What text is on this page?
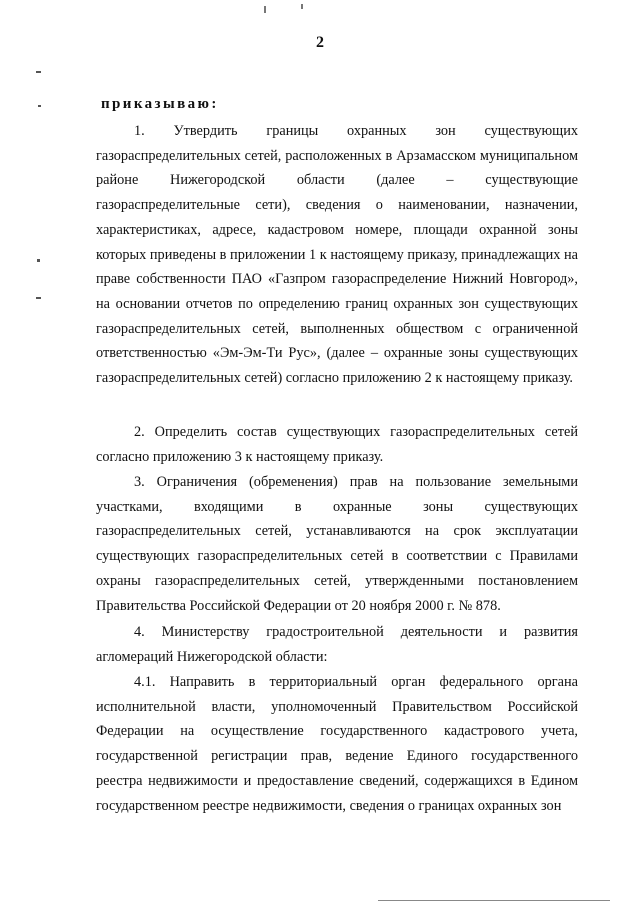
2
приказываю:

1. Утвердить границы охранных зон существующих газораспределительных сетей, расположенных в Арзамасском муниципальном районе Нижегородской области (далее – существующие газораспределительные сети), сведения о наименовании, назначении, характеристиках, адресе, кадастровом номере, площади охранной зоны которых приведены в приложении 1 к настоящему приказу, принадлежащих на праве собственности ПАО «Газпром газораспределение Нижний Новгород», на основании отчетов по определению границ охранных зон существующих газораспределительных сетей, выполненных обществом с ограниченной ответственностью «Эм-Эм-Ти Рус», (далее – охранные зоны существующих газораспределительных сетей) согласно приложению 2 к настоящему приказу.

2. Определить состав существующих газораспределительных сетей согласно приложению 3 к настоящему приказу.

3. Ограничения (обременения) прав на пользование земельными участками, входящими в охранные зоны существующих газораспределительных сетей, устанавливаются на срок эксплуатации существующих газораспределительных сетей в соответствии с Правилами охраны газораспределительных сетей, утвержденными постановлением Правительства Российской Федерации от 20 ноября 2000 г. № 878.

4. Министерству градостроительной деятельности и развития агломераций Нижегородской области:

4.1. Направить в территориальный орган федерального органа исполнительной власти, уполномоченный Правительством Российской Федерации на осуществление государственного кадастрового учета, государственной регистрации прав, ведение Единого государственного реестра недвижимости и предоставление сведений, содержащихся в Едином государственном реестре недвижимости, сведения о границах охранных зон
